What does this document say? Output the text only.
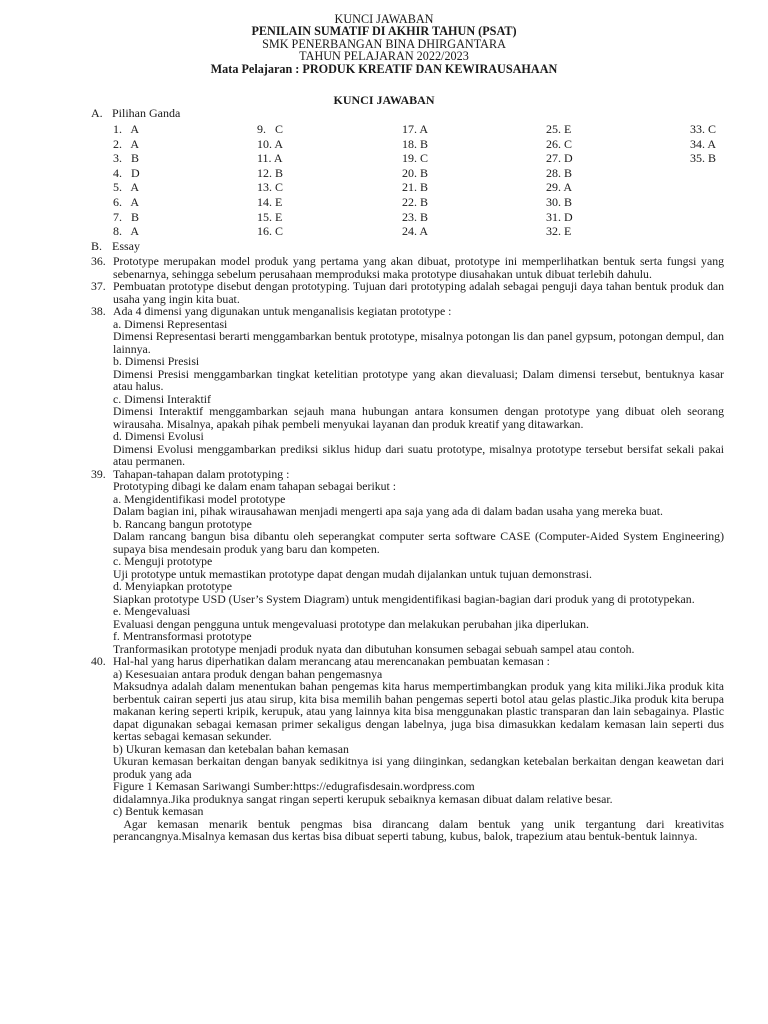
KUNCI JAWABAN
PENILAIN SUMATIF DI AKHIR TAHUN (PSAT)
SMK PENERBANGAN BINA DHIRGANTARA
TAHUN PELAJARAN 2022/2023
Mata Pelajaran : PRODUK KREATIF DAN KEWIRAUSAHAAN
KUNCI JAWABAN
A. Pilihan Ganda
1.   A	9.   C	17. A	25. E	33. C
2.   A	10. A	18. B	26. C	34. A
3.   B	11. A	19. C	27. D	35. B
4.   D	12. B	20. B	28. B
5.   A	13. C	21. B	29. A
6.   A	14. E	22. B	30. B
7.   B	15. E	23. B	31. D
8.   A	16. C	24. A	32. E
B. Essay
36. Prototype merupakan model produk yang pertama yang akan dibuat, prototype ini memperlihatkan bentuk serta fungsi yang sebenarnya, sehingga sebelum perusahaan memproduksi maka prototype diusahakan untuk dibuat terlebih dahulu.
37. Pembuatan prototype disebut dengan prototyping. Tujuan dari prototyping adalah sebagai penguji daya tahan bentuk produk dan usaha yang ingin kita buat.
38. Ada 4 dimensi yang digunakan untuk menganalisis kegiatan prototype :
a. Dimensi Representasi
Dimensi Representasi berarti menggambarkan bentuk prototype, misalnya potongan lis dan panel gypsum, potongan dempul, dan lainnya.
b. Dimensi Presisi
Dimensi Presisi menggambarkan tingkat ketelitian prototype yang akan dievaluasi; Dalam dimensi tersebut, bentuknya kasar atau halus.
c. Dimensi Interaktif
Dimensi Interaktif menggambarkan sejauh mana hubungan antara konsumen dengan prototype yang dibuat oleh seorang wirausaha. Misalnya, apakah pihak pembeli menyukai layanan dan produk kreatif yang ditawarkan.
d. Dimensi Evolusi
Dimensi Evolusi menggambarkan prediksi siklus hidup dari suatu prototype, misalnya prototype tersebut bersifat sekali pakai atau permanen.
39. Tahapan-tahapan dalam prototyping :
Prototyping dibagi ke dalam enam tahapan sebagai berikut :
a. Mengidentifikasi model prototype
Dalam bagian ini, pihak wirausahawan menjadi mengerti apa saja yang ada di dalam badan usaha yang mereka buat.
b. Rancang bangun prototype
Dalam rancang bangun bisa dibantu oleh seperangkat computer serta software CASE (Computer-Aided System Engineering) supaya bisa mendesain produk yang baru dan kompeten.
c. Menguji prototype
Uji prototype untuk memastikan prototype dapat dengan mudah dijalankan untuk tujuan demonstrasi.
d. Menyiapkan prototype
Siapkan prototype USD (User’s System Diagram) untuk mengidentifikasi bagian-bagian dari produk yang di prototypekan.
e. Mengevaluasi
Evaluasi dengan pengguna untuk mengevaluasi prototype dan melakukan perubahan jika diperlukan.
f. Mentransformasi prototype
Tranformasikan prototype menjadi produk nyata dan dibutuhan konsumen sebagai sebuah sampel atau contoh.
40. Hal-hal yang harus diperhatikan dalam merancang atau merencanakan pembuatan kemasan :
a) Kesesuaian antara produk dengan bahan pengemasnya
Maksudnya adalah dalam menentukan bahan pengemas kita harus mempertimbangkan produk yang kita miliki.Jika produk kita berbentuk cairan seperti jus atau sirup, kita bisa memilih bahan pengemas seperti botol atau gelas plastic.Jika produk kita berupa makanan kering seperti kripik, kerupuk, atau yang lainnya kita bisa menggunakan plastic transparan dan lain sebagainya. Plastic dapat digunakan sebagai kemasan primer sekaligus dengan labelnya, juga bisa dimasukkan kedalam kemasan lain seperti dus kertas sebagai kemasan sekunder.
b) Ukuran kemasan dan ketebalan bahan kemasan
Ukuran kemasan berkaitan dengan banyak sedikitnya isi yang diinginkan, sedangkan ketebalan berkaitan dengan keawetan dari produk yang ada
Figure 1 Kemasan Sariwangi Sumber:https://edugrafisdesain.wordpress.com
didalamnya.Jika produknya sangat ringan seperti kerupuk sebaiknya kemasan dibuat dalam relative besar.
c) Bentuk kemasan
Agar kemasan menarik bentuk pengmas bisa dirancang dalam bentuk yang unik tergantung dari kreativitas perancangnya.Misalnya kemasan dus kertas bisa dibuat seperti tabung, kubus, balok, trapezium atau bentuk-bentuk lainnya.
